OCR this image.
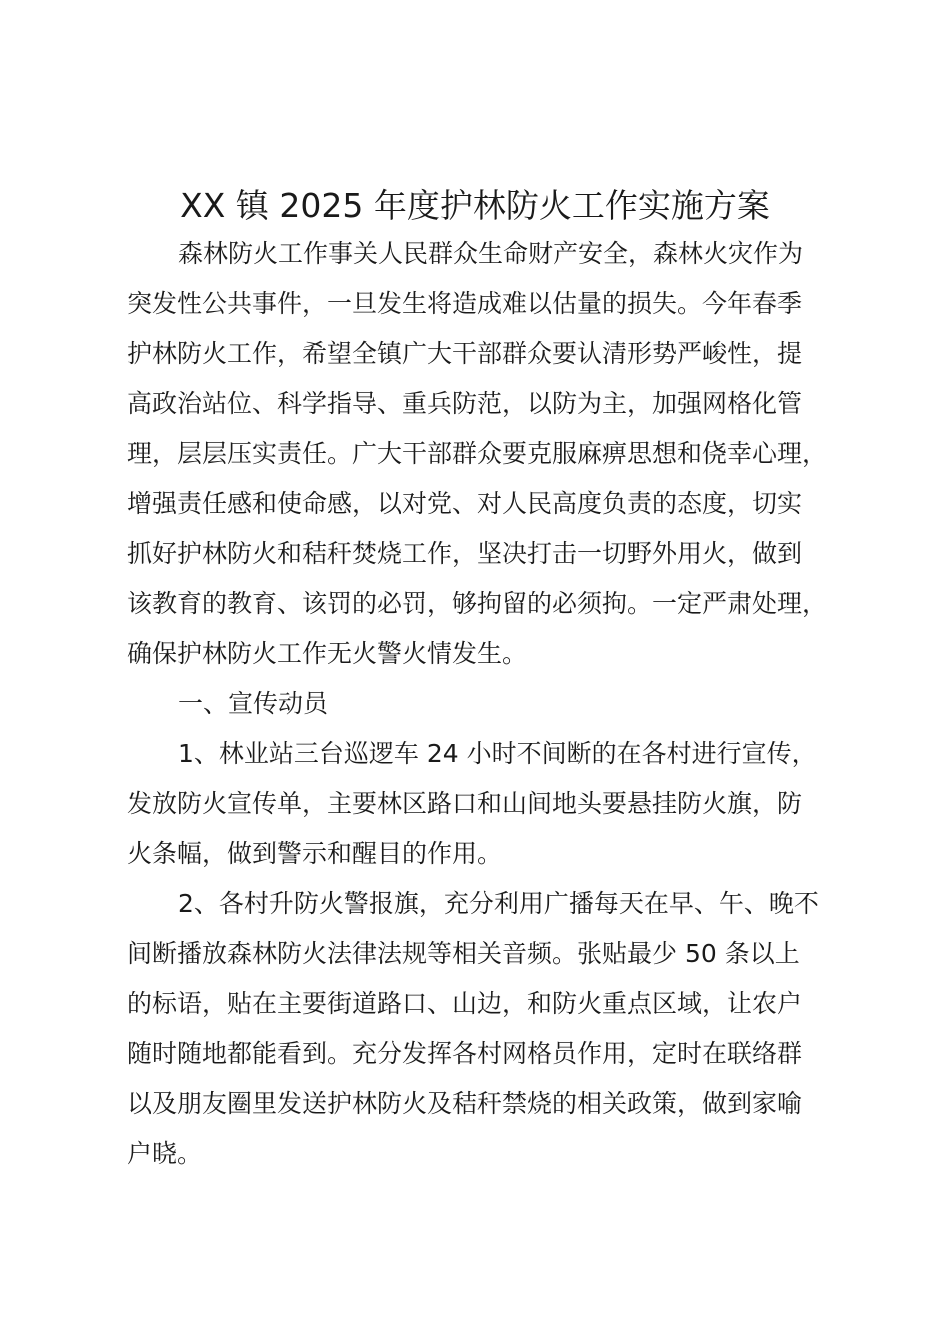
XX 镇 2025 年度护林防火工作实施方案

森林防火工作事关人民群众生命财产安全，森林火灾作为

突发性公共事件，一旦发生将造成难以估量的损失。今年春季

护林防火工作，希望全镇广大干部群众要认清形势严峻性，提

高政治站位、科学指导、重兵防范，以防为主，加强网格化管

理，层层压实责任。广大干部群众要克服麻痹思想和侥幸心理，

增强责任感和使命感，以对党、对人民高度负责的态度，切实

抓好护林防火和秸秆焚烧工作，坚决打击一切野外用火，做到

该教育的教育、该罚的必罚，够拘留的必须拘。一定严肃处理，

确保护林防火工作无火警火情发生。

一、宣传动员

1、林业站三台巡逻车 24 小时不间断的在各村进行宣传，

发放防火宣传单，主要林区路口和山间地头要悬挂防火旗，防

火条幅，做到警示和醒目的作用。

2、各村升防火警报旗，充分利用广播每天在早、午、晚不

间断播放森林防火法律法规等相关音频。张贴最少 50 条以上

的标语，贴在主要街道路口、山边，和防火重点区域，让农户

随时随地都能看到。充分发挥各村网格员作用，定时在联络群

以及朋友圈里发送护林防火及秸秆禁烧的相关政策，做到家喻

户晓。
